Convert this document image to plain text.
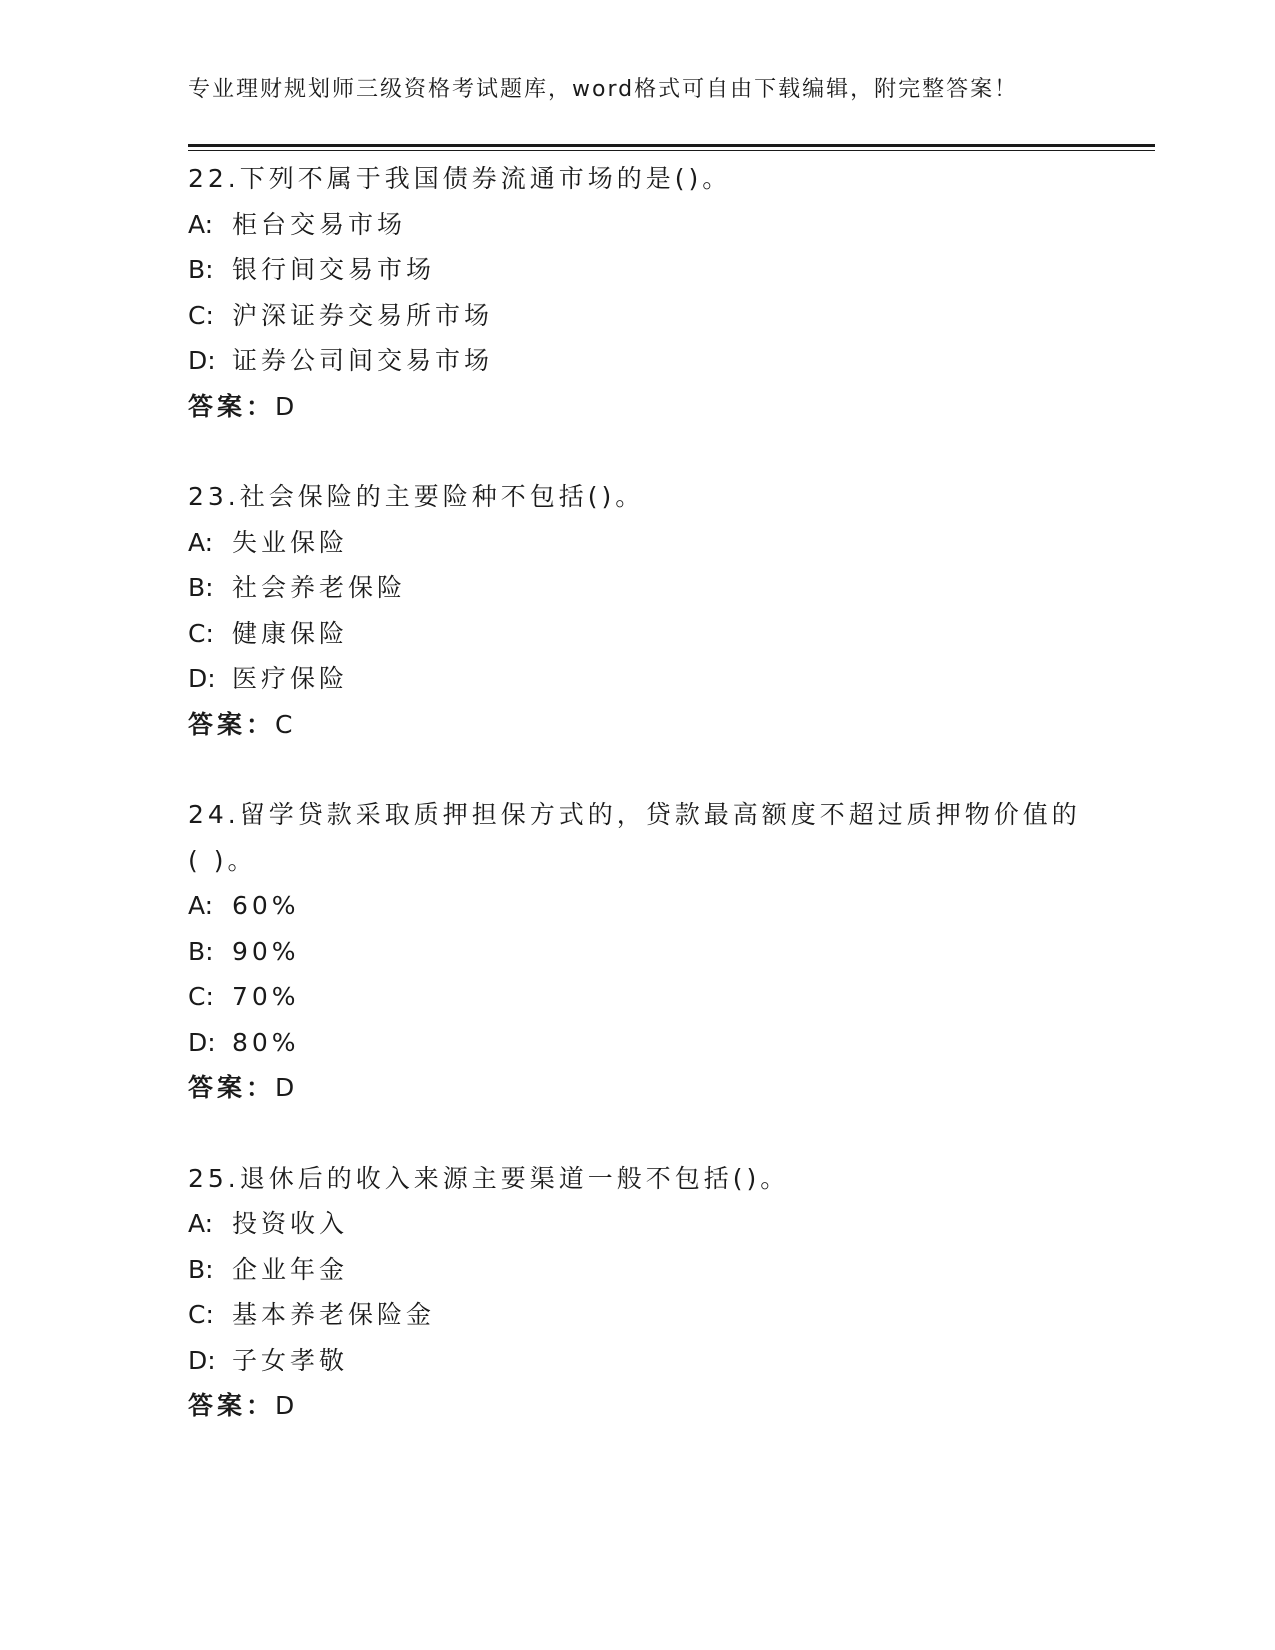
专业理财规划师三级资格考试题库，word格式可自由下载编辑，附完整答案！
22.下列不属于我国债券流通市场的是()。
A: 柜台交易市场
B: 银行间交易市场
C: 沪深证券交易所市场
D: 证券公司间交易市场
答案：D
23.社会保险的主要险种不包括()。
A: 失业保险
B: 社会养老保险
C: 健康保险
D: 医疗保险
答案：C
24.留学贷款采取质押担保方式的，贷款最高额度不超过质押物价值的( )。
A: 60%
B: 90%
C: 70%
D: 80%
答案：D
25.退休后的收入来源主要渠道一般不包括()。
A: 投资收入
B: 企业年金
C: 基本养老保险金
D: 子女孝敬
答案：D
